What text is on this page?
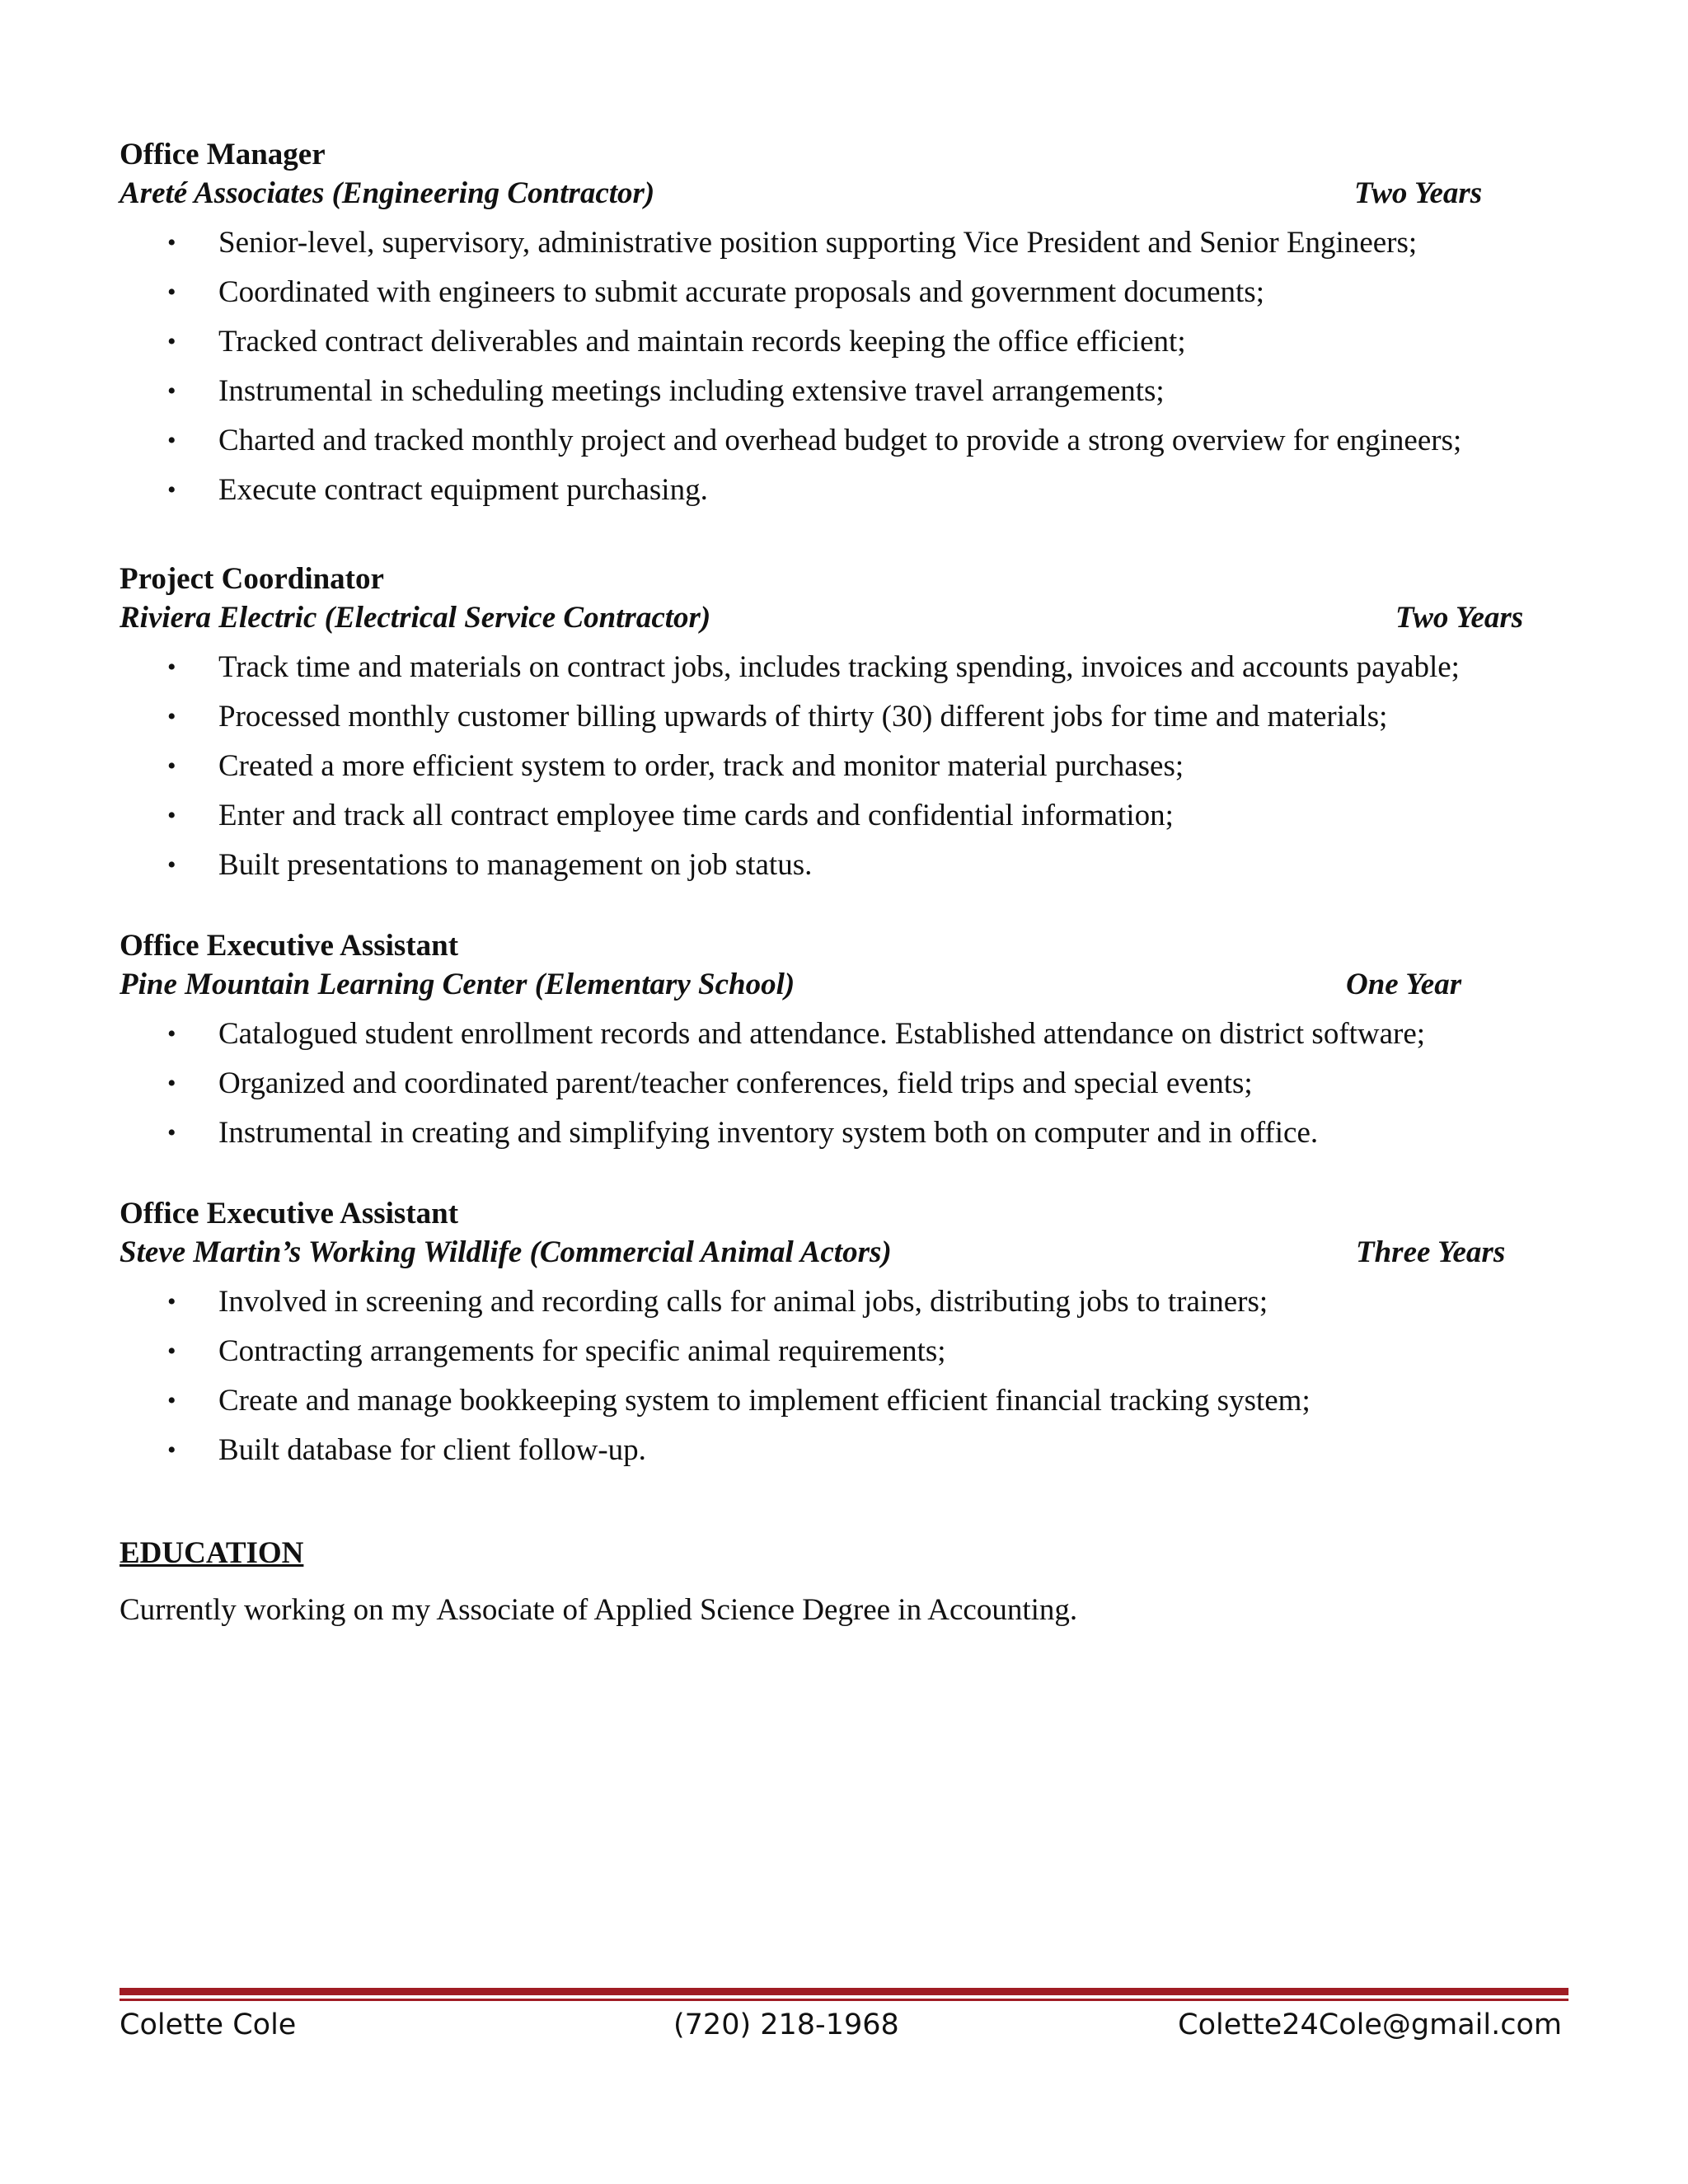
Office Manager
Areté Associates (Engineering Contractor)	Two Years
• Senior-level, supervisory, administrative position supporting Vice President and Senior Engineers;
• Coordinated with engineers to submit accurate proposals and government documents;
• Tracked contract deliverables and maintain records keeping the office efficient;
• Instrumental in scheduling meetings including extensive travel arrangements;
• Charted and tracked monthly project and overhead budget to provide a strong overview for engineers;
• Execute contract equipment purchasing.
Project Coordinator
Riviera Electric (Electrical Service Contractor)	Two Years
• Track time and materials on contract jobs, includes tracking spending, invoices and accounts payable;
• Processed monthly customer billing upwards of thirty (30) different jobs for time and materials;
• Created a more efficient system to order, track and monitor material purchases;
• Enter and track all contract employee time cards and confidential information;
• Built presentations to management on job status.
Office Executive Assistant
Pine Mountain Learning Center (Elementary School)	One Year
• Catalogued student enrollment records and attendance. Established attendance on district software;
• Organized and coordinated parent/teacher conferences, field trips and special events;
• Instrumental in creating and simplifying inventory system both on computer and in office.
Office Executive Assistant
Steve Martin’s Working Wildlife (Commercial Animal Actors)	Three Years
• Involved in screening and recording calls for animal jobs, distributing jobs to trainers;
• Contracting arrangements for specific animal requirements;
• Create and manage bookkeeping system to implement efficient financial tracking system;
• Built database for client follow-up.
EDUCATION
Currently working on my Associate of Applied Science Degree in Accounting.
Colette Cole	(720) 218-1968	Colette24Cole@gmail.com
